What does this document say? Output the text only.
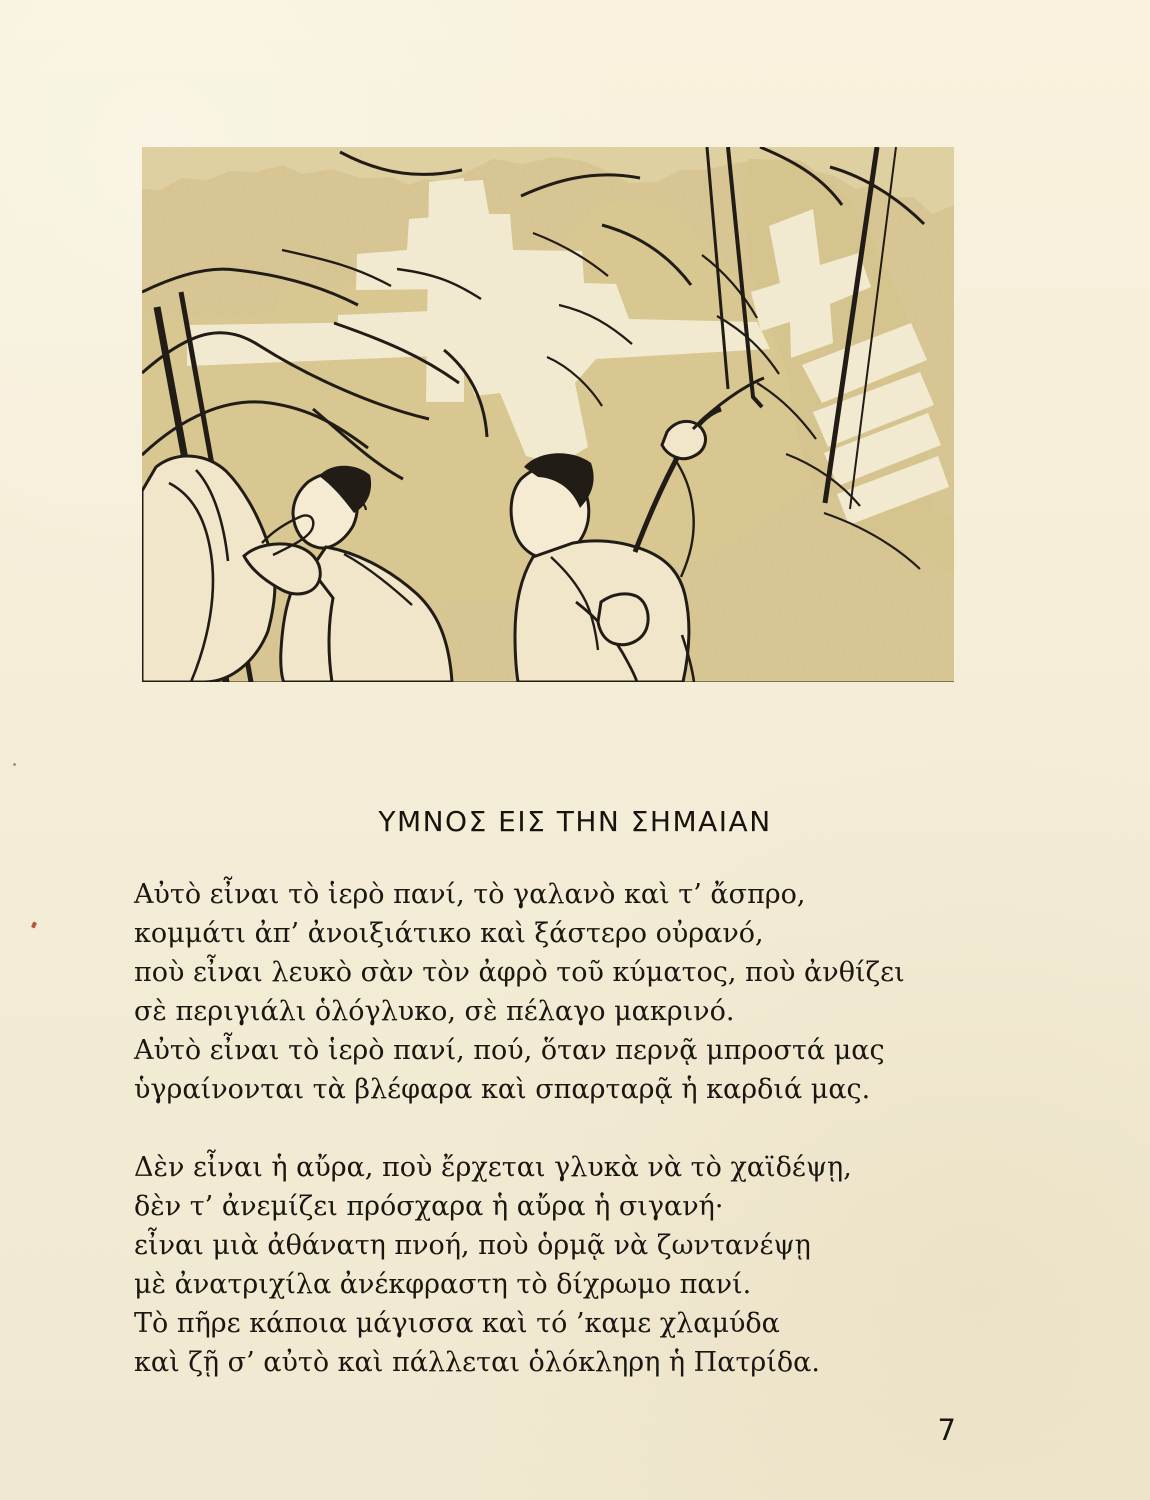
ΥΜΝΟΣ ΕΙΣ ΤΗΝ ΣΗΜΑΙΑΝ
Αὐτὸ εἶναι τὸ ἱερὸ πανί, τὸ γαλανὸ καὶ τ’ ἄσπρο,
κομμάτι ἀπ’ ἀνοιξιάτικο καὶ ξάστερο οὐρανό,
ποὺ εἶναι λευκὸ σὰν τὸν ἀφρὸ τοῦ κύματος, ποὺ ἀνθίζει
σὲ περιγιάλι ὁλόγλυκο, σὲ πέλαγο μακρινό.
Αὐτὸ εἶναι τὸ ἱερὸ πανί, πού, ὅταν περνᾷ μπροστά μας
ὑγραίνονται τὰ βλέφαρα καὶ σπαρταρᾷ ἡ καρδιά μας.
Δὲν εἶναι ἡ αὔρα, ποὺ ἔρχεται γλυκὰ νὰ τὸ χαϊδέψῃ,
δὲν τ’ ἀνεμίζει πρόσχαρα ἡ αὔρα ἡ σιγανή·
εἶναι μιὰ ἀθάνατη πνοή, ποὺ ὁρμᾷ νὰ ζωντανέψῃ
μὲ ἀνατριχίλα ἀνέκφραστη τὸ δίχρωμο πανί.
Τὸ πῆρε κάποια μάγισσα καὶ τό ’καμε χλαμύδα
καὶ ζῇ σ’ αὐτὸ καὶ πάλλεται ὁλόκληρη ἡ Πατρίδα.
7
